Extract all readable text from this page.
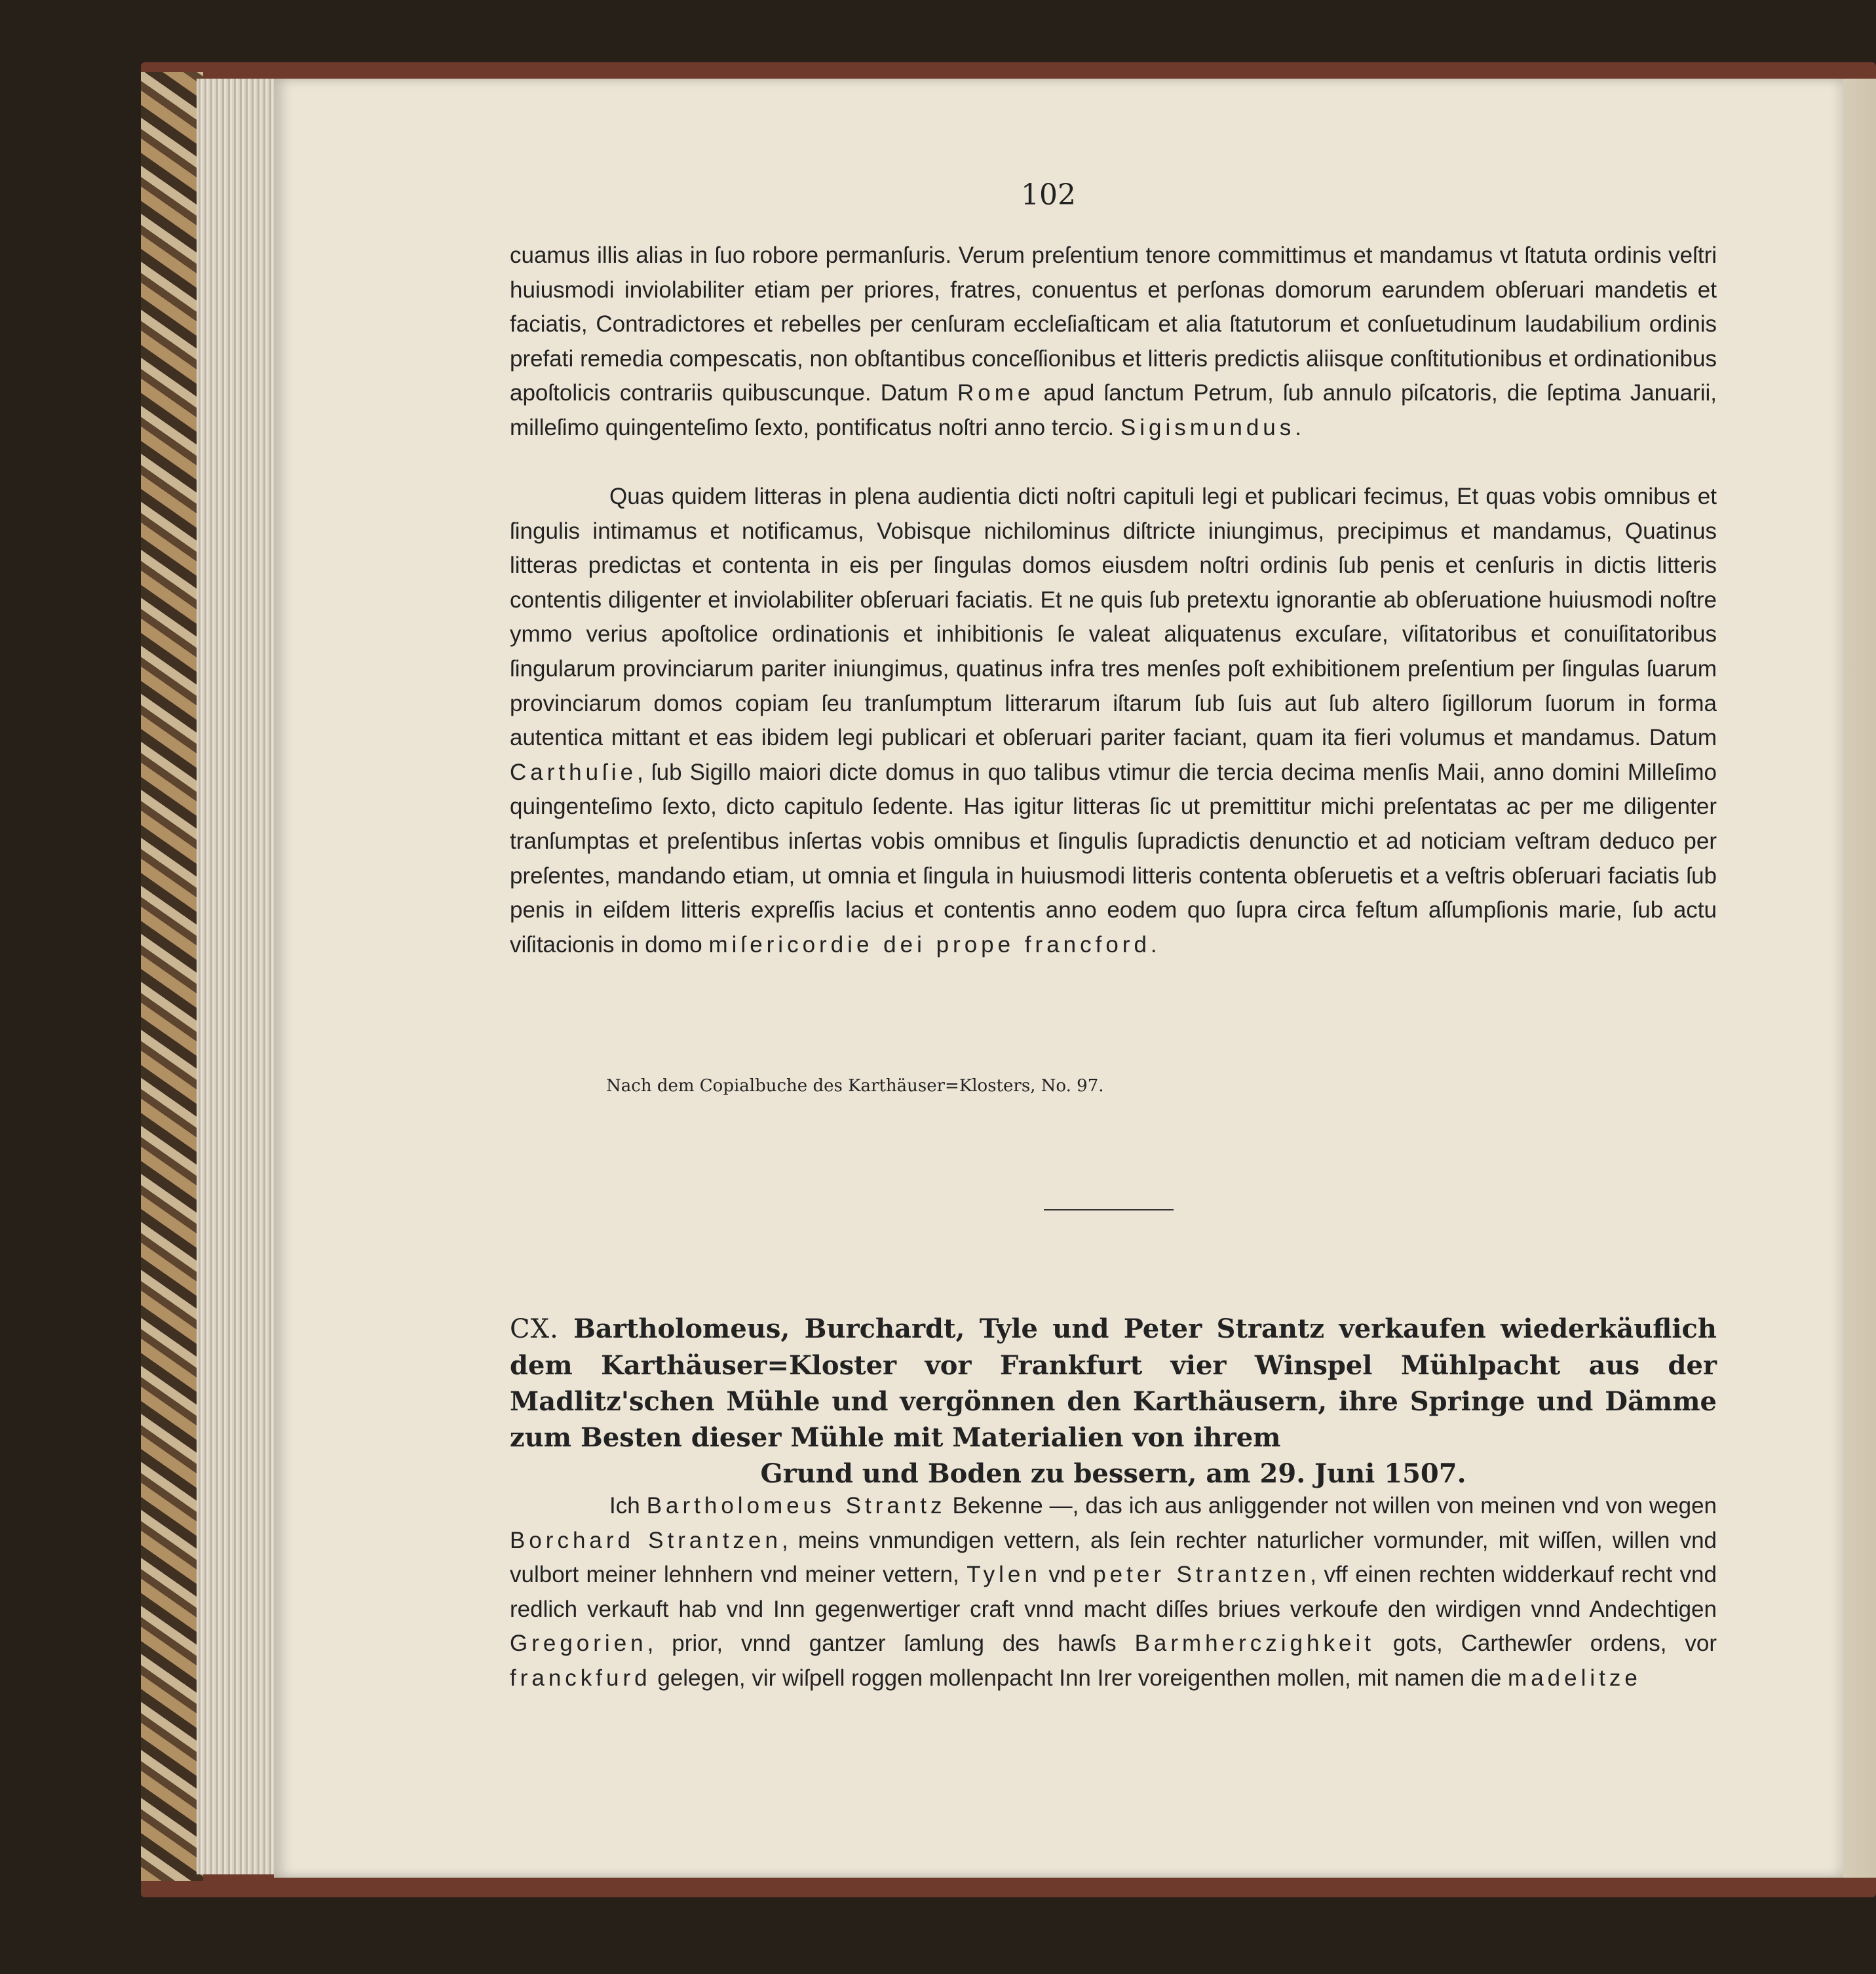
102

cuamus illis alias in ſuo robore permanſuris. Verum preſentium tenore committimus et mandamus vt ſtatuta ordinis veſtri huiusmodi inviolabiliter etiam per priores, fratres, conuentus et perſonas domorum earundem obſeruari mandetis et faciatis, Contradictores et rebelles per cenſuram eccleſiaſticam et alia ſtatutorum et conſuetudinum laudabilium ordinis prefati remedia compescatis, non obſtantibus conceſſionibus et litteris predictis aliisque conſtitutionibus et ordinationibus apoſtolicis contrariis quibuscunque. Datum Rome apud ſanctum Petrum, ſub annulo piſcatoris, die ſeptima Januarii, milleſimo quingenteſimo ſexto, pontificatus noſtri anno tercio. Sigismundus.

Quas quidem litteras in plena audientia dicti noſtri capituli legi et publicari fecimus, Et quas vobis omnibus et ſingulis intimamus et notificamus, Vobisque nichilominus diſtricte iniungimus, precipimus et mandamus, Quatinus litteras predictas et contenta in eis per ſingulas domos eiusdem noſtri ordinis ſub penis et cenſuris in dictis litteris contentis diligenter et inviolabiliter obſeruari faciatis. Et ne quis ſub pretextu ignorantie ab obſeruatione huiusmodi noſtre ymmo verius apoſtolice ordinationis et inhibitionis ſe valeat aliquatenus excuſare, viſitatoribus et conuiſitatoribus ſingularum provinciarum pariter iniungimus, quatinus infra tres menſes poſt exhibitionem preſentium per ſingulas ſuarum provinciarum domos copiam ſeu tranſumptum litterarum iſtarum ſub ſuis aut ſub altero ſigillorum ſuorum in forma autentica mittant et eas ibidem legi publicari et obſeruari pariter faciant, quam ita fieri volumus et mandamus. Datum Carthuſie, ſub Sigillo maiori dicte domus in quo talibus vtimur die tercia decima menſis Maii, anno domini Milleſimo quingenteſimo ſexto, dicto capitulo ſedente. Has igitur litteras ſic ut premittitur michi preſentatas ac per me diligenter tranſumptas et preſentibus inſertas vobis omnibus et ſingulis ſupradictis denunctio et ad noticiam veſtram deduco per preſentes, mandando etiam, ut omnia et ſingula in huiusmodi litteris contenta obſeruetis et a veſtris obſeruari faciatis ſub penis in eiſdem litteris expreſſis lacius et contentis anno eodem quo ſupra circa feſtum aſſumpſionis marie, ſub actu viſitacionis in domo miſericordie dei prope francford.

Nach dem Copialbuche des Karthäuser=Klosters, No. 97.
CX. Bartholomeus, Burchardt, Tyle und Peter Strantz verkaufen wiederkäuflich dem Karthäuser=Kloster vor Frankfurt vier Winspel Mühlpacht aus der Madlitz'schen Mühle und vergönnen den Karthäusern, ihre Springe und Dämme zum Besten dieser Mühle mit Materialien von ihrem
Grund und Boden zu bessern, am 29. Juni 1507.

Ich Bartholomeus Strantz Bekenne —, das ich aus anliggender not willen von meinen vnd von wegen Borchard Strantzen, meins vnmundigen vettern, als ſein rechter naturlicher vormunder, mit wiſſen, willen vnd vulbort meiner lehnhern vnd meiner vettern, Tylen vnd peter Strantzen, vff einen rechten widderkauf recht vnd redlich verkauft hab vnd Inn gegenwertiger craft vnnd macht diſſes briues verkoufe den wirdigen vnnd Andechtigen Gregorien, prior, vnnd gantzer ſamlung des hawſs Barmherczighkeit gots, Carthewſer ordens, vor franckfurd gelegen, vir wiſpell roggen mollenpacht Inn Irer voreigenthen mollen, mit namen die madelitze
